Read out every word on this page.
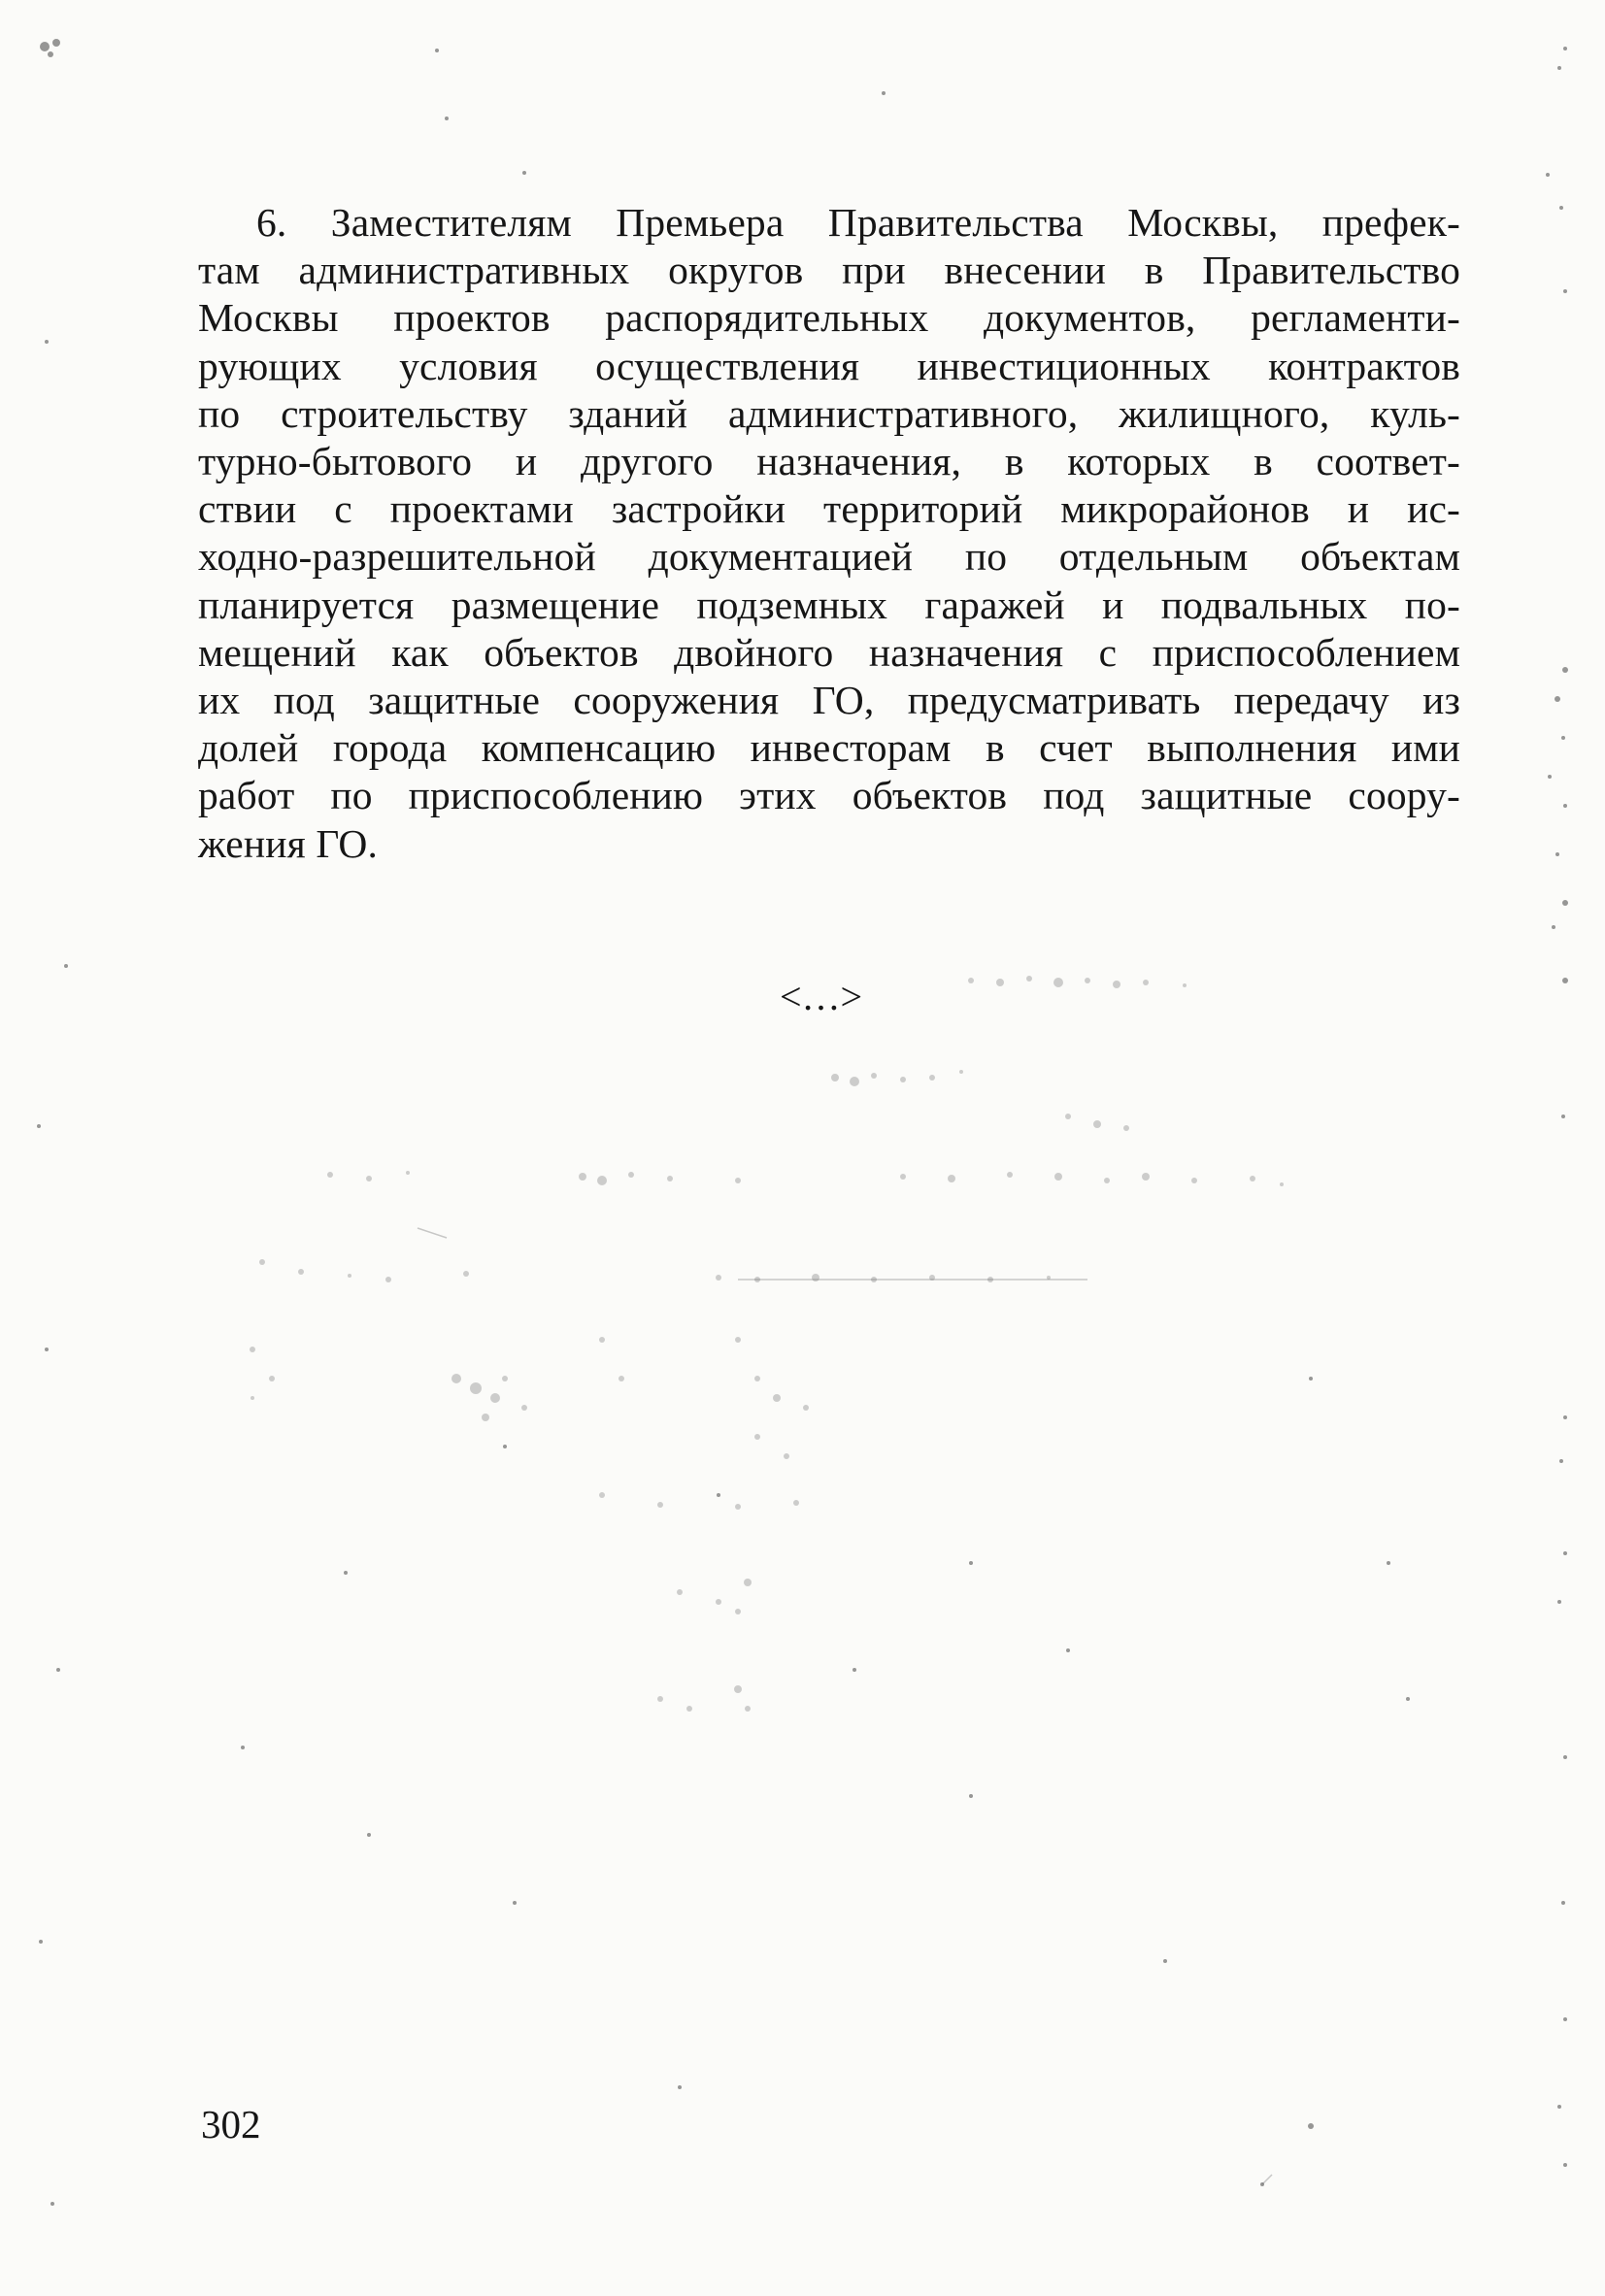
6. Заместителям Премьера Правительства Москвы, префек-
там административных округов при внесении в Правительство
Москвы проектов распорядительных документов, регламенти-
рующих условия осуществления инвестиционных контрактов
по строительству зданий административного, жилищного, куль-
турно-бытового и другого назначения, в которых в соответ-
ствии с проектами застройки территорий микрорайонов и ис-
ходно-разрешительной документацией по отдельным объектам
планируется размещение подземных гаражей и подвальных по-
мещений как объектов двойного назначения с приспособлением
их под защитные сооружения ГО, предусматривать передачу из
долей города компенсацию инвесторам в счет выполнения ими
работ по приспособлению этих объектов под защитные соору-
жения ГО.
<…>
302
